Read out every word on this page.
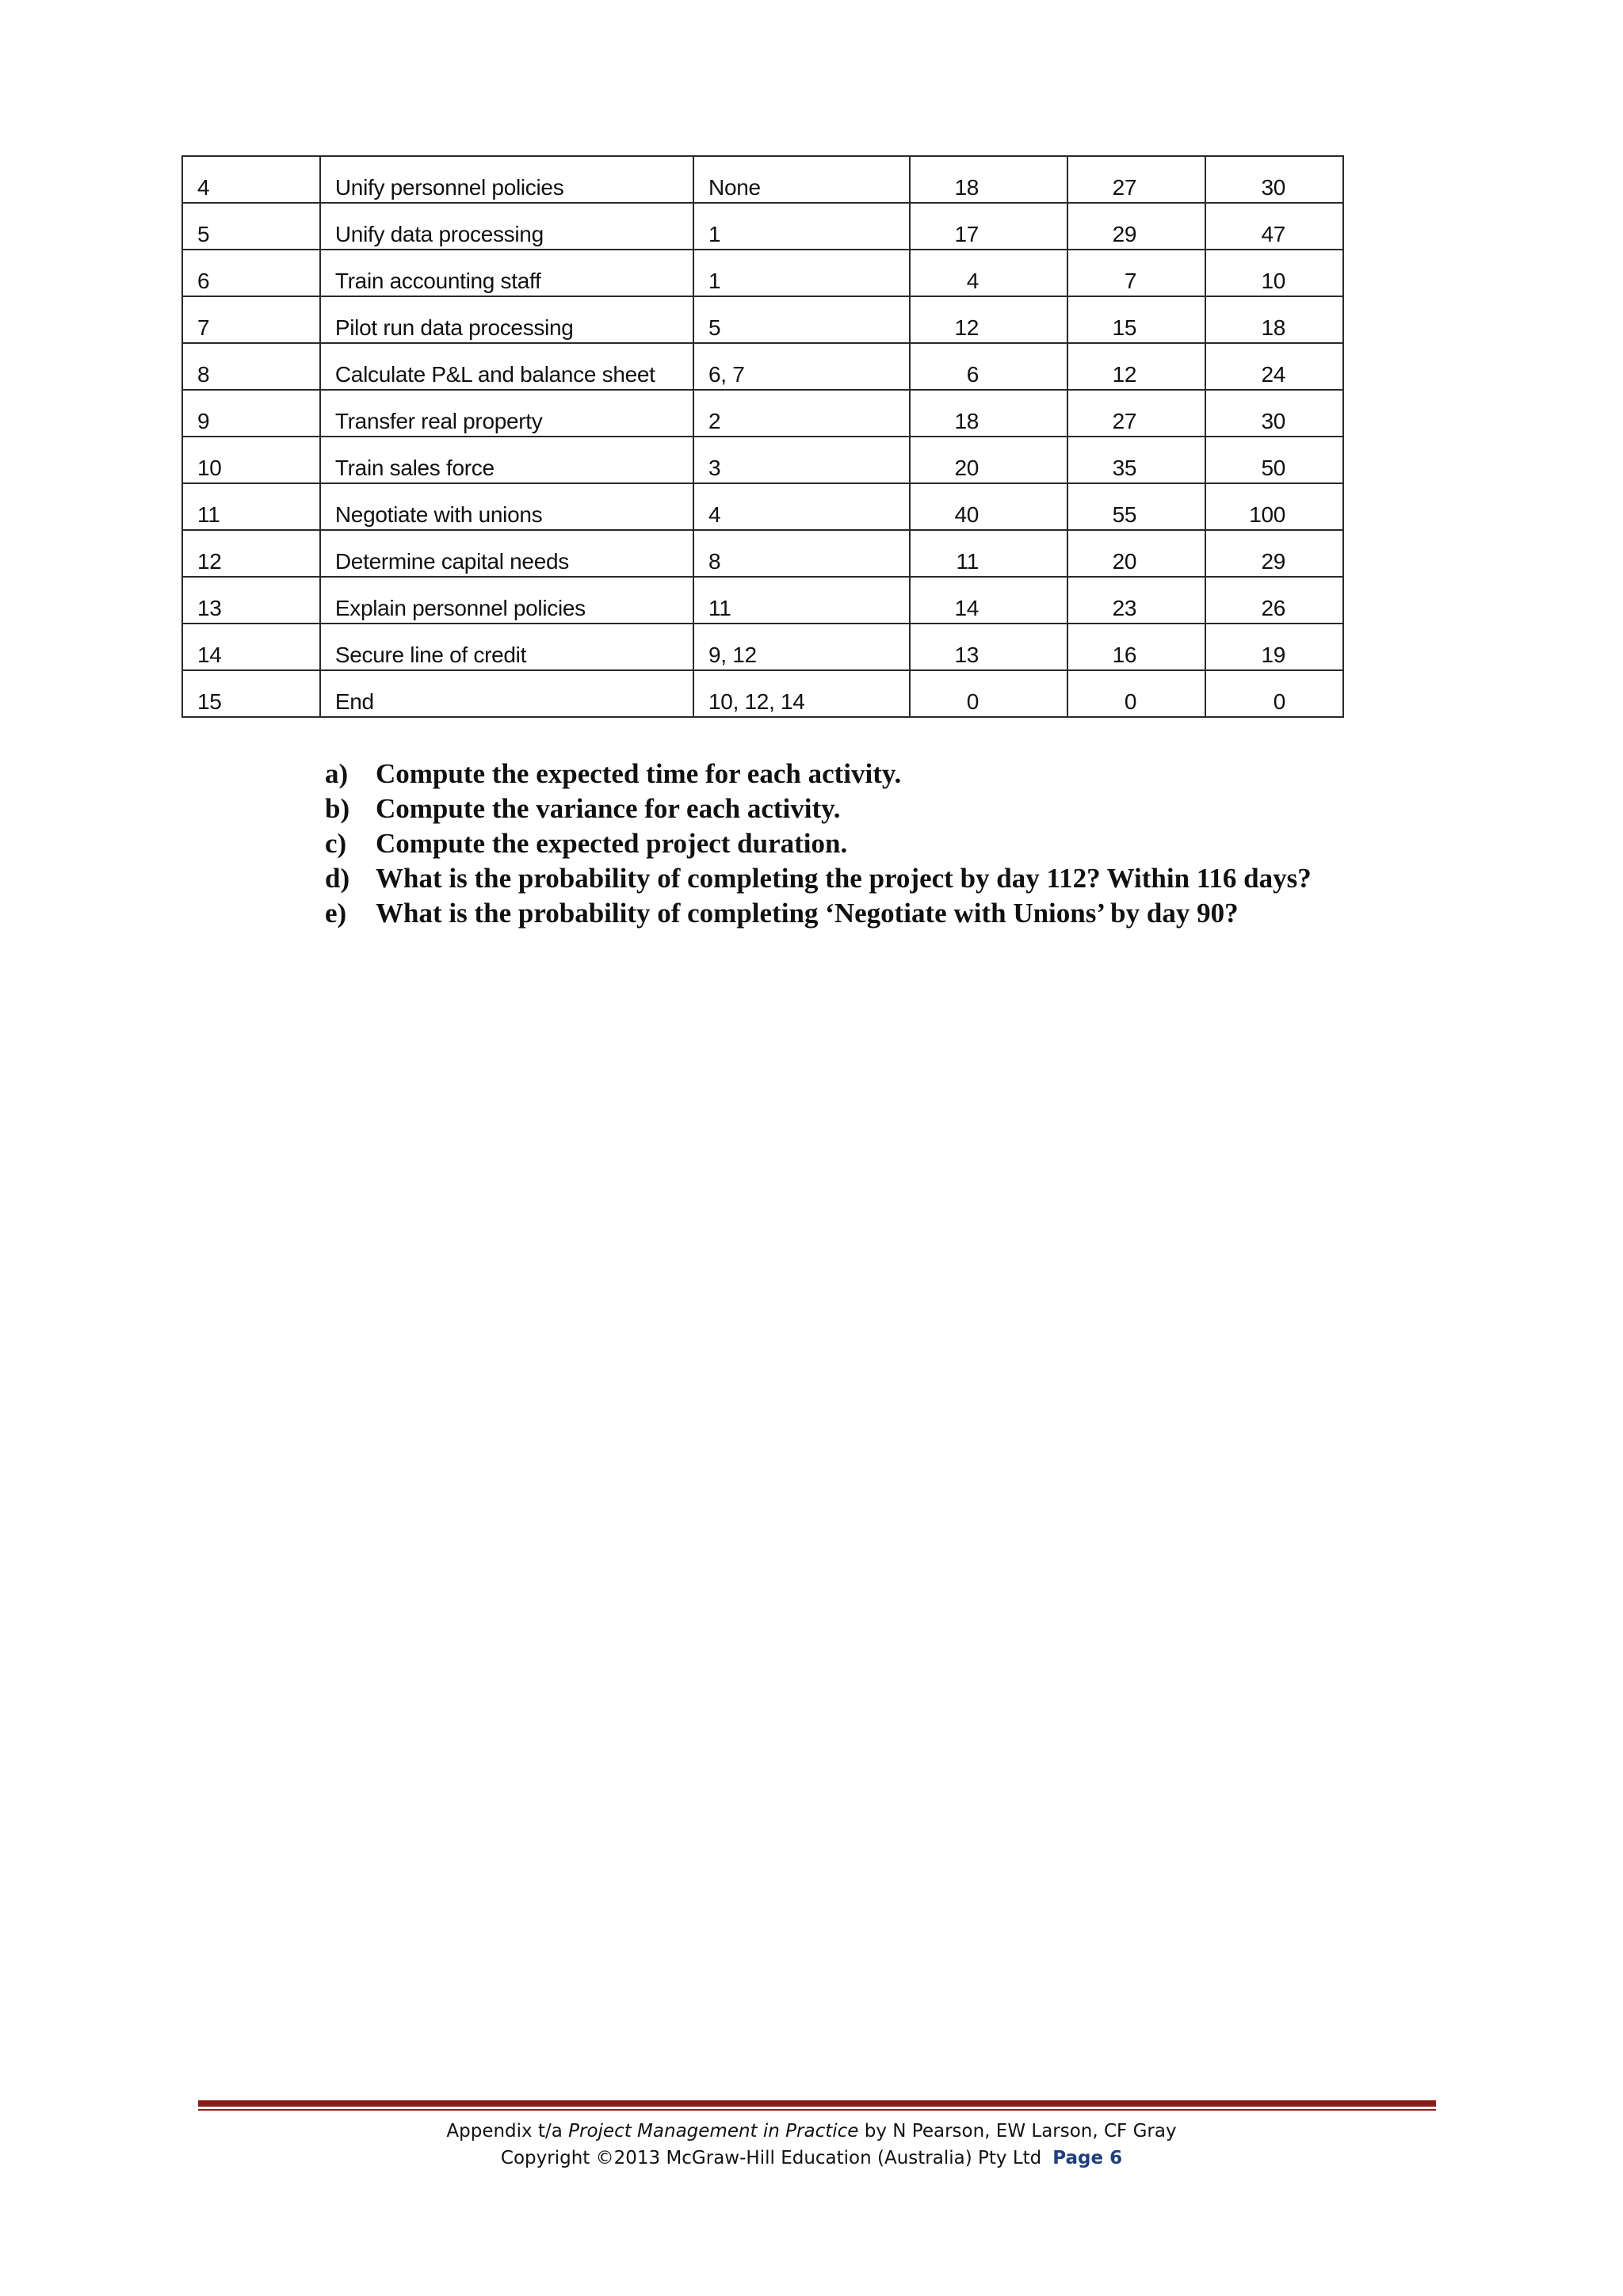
4	Unify personnel policies	None	18	27	30
5	Unify data processing	1	17	29	47
6	Train accounting staff	1	4	7	10
7	Pilot run data processing	5	12	15	18
8	Calculate P&L and balance sheet	6, 7	6	12	24
9	Transfer real property	2	18	27	30
10	Train sales force	3	20	35	50
11	Negotiate with unions	4	40	55	100
12	Determine capital needs	8	11	20	29
13	Explain personnel policies	11	14	23	26
14	Secure line of credit	9, 12	13	16	19
15	End	10, 12, 14	0	0	0
a) Compute the expected time for each activity.
b) Compute the variance for each activity.
c)	Compute the expected project duration.
d) What is the probability of completing the project by day 112? Within 116 days?
e)	What is the probability of completing ‘Negotiate with Unions’ by day 90?
Appendix t/a Project Management in Practice by N Pearson, EW Larson, CF Gray
Copyright ©2013 McGraw-Hill Education (Australia) Pty Ltd Page 6
